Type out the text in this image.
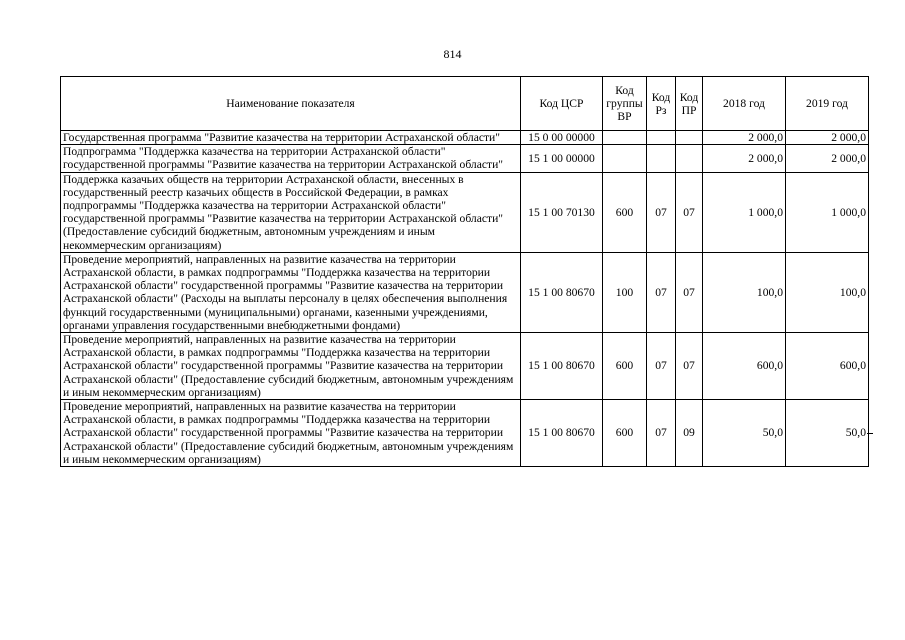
814
Наименование показателя	Код ЦСР	Код группы ВР	Код Рз	Код ПР	2018 год	2019 год
Государственная программа "Развитие казачества на территории Астраханской области"	15 0 00 00000				2 000,0	2 000,0
Подпрограмма "Поддержка казачества на территории Астраханской области" государственной программы "Развитие казачества на территории Астраханской области"	15 1 00 00000				2 000,0	2 000,0
Поддержка казачьих обществ на территории Астраханской области, внесенных в государственный реестр казачьих обществ в Российской Федерации, в рамках подпрограммы "Поддержка казачества на территории Астраханской области" государственной программы "Развитие казачества на территории Астраханской области" (Предоставление субсидий бюджетным, автономным учреждениям и иным некоммерческим организациям)	15 1 00 70130	600	07	07	1 000,0	1 000,0
Проведение мероприятий, направленных на развитие казачества на территории Астраханской области, в рамках подпрограммы "Поддержка казачества на территории Астраханской области" государственной программы "Развитие казачества на территории Астраханской области" (Расходы на выплаты персоналу в целях обеспечения выполнения функций государственными (муниципальными) органами, казенными учреждениями, органами управления государственными внебюджетными фондами)	15 1 00 80670	100	07	07	100,0	100,0
Проведение мероприятий, направленных на развитие казачества на территории Астраханской области, в рамках подпрограммы "Поддержка казачества на территории Астраханской области" государственной программы "Развитие казачества на территории Астраханской области" (Предоставление субсидий бюджетным, автономным учреждениям и иным некоммерческим организациям)	15 1 00 80670	600	07	07	600,0	600,0
Проведение мероприятий, направленных на развитие казачества на территории Астраханской области, в рамках подпрограммы "Поддержка казачества на территории Астраханской области" государственной программы "Развитие казачества на территории Астраханской области" (Предоставление субсидий бюджетным, автономным учреждениям и иным некоммерческим организациям)	15 1 00 80670	600	07	09	50,0	50,0
